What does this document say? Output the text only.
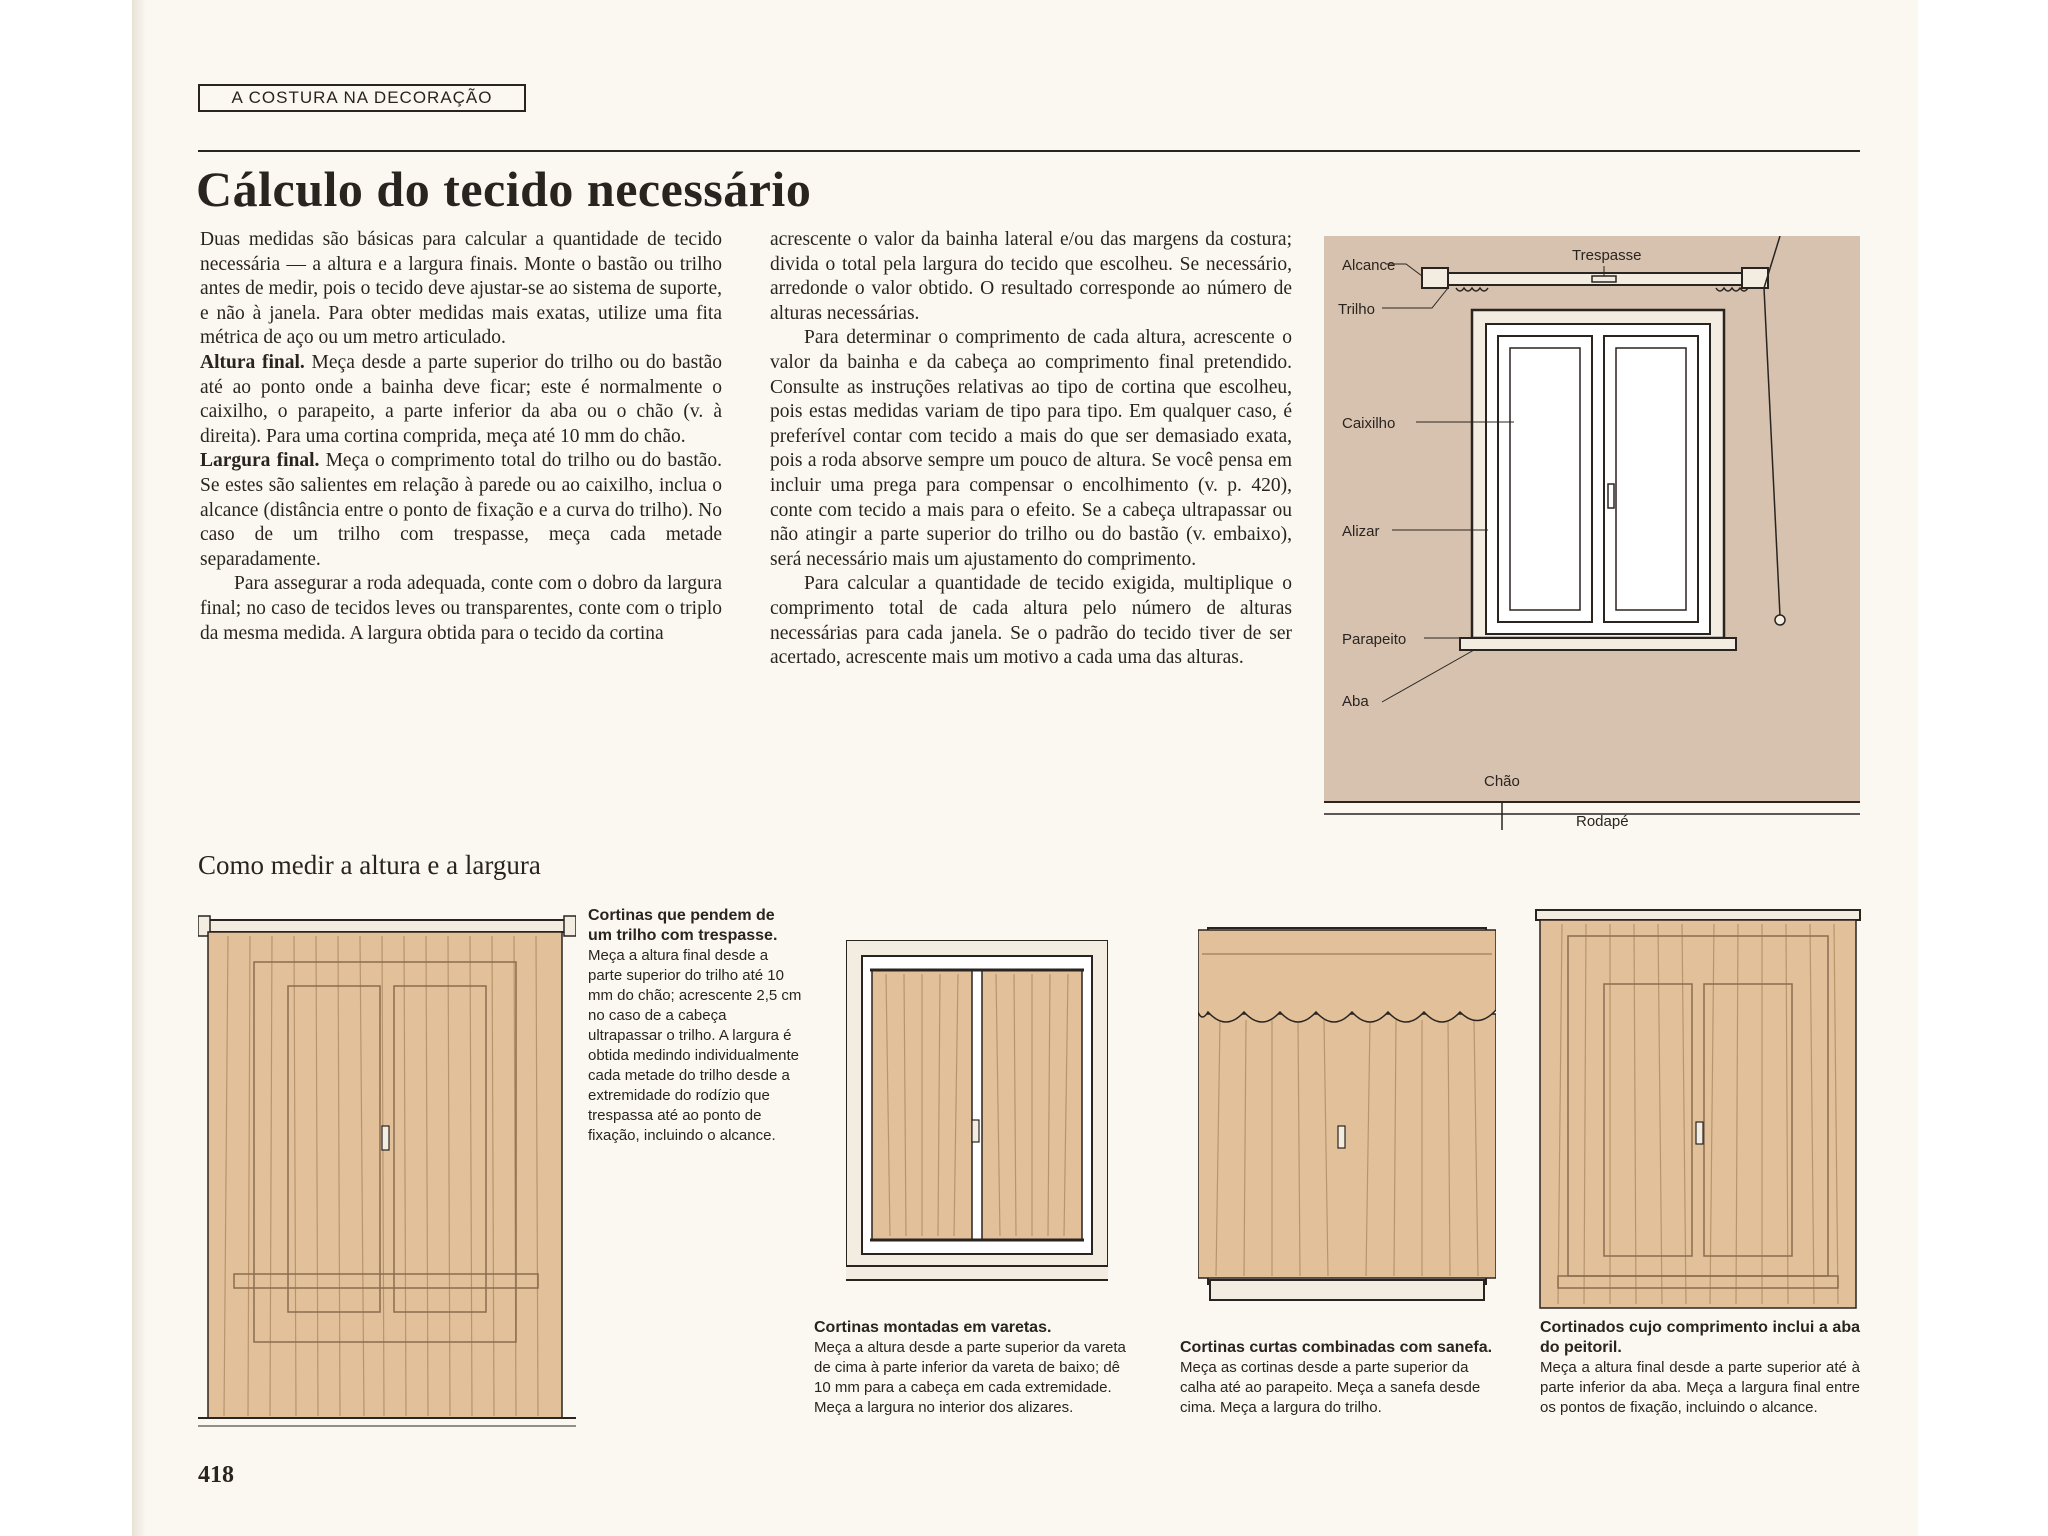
A COSTURA NA DECORAÇÃO
Cálculo do tecido necessário

Duas medidas são básicas para calcular a quantidade de tecido necessária — a altura e a largura finais. Monte o bastão ou trilho antes de medir, pois o tecido deve ajustar-se ao sistema de suporte, e não à janela. Para obter medidas mais exatas, utilize uma fita métrica de aço ou um metro articulado.

Altura final. Meça desde a parte superior do trilho ou do bastão até ao ponto onde a bainha deve ficar; este é normalmente o caixilho, o parapeito, a parte inferior da aba ou o chão (v. à direita). Para uma cortina comprida, meça até 10 mm do chão.

Largura final. Meça o comprimento total do trilho ou do bastão. Se estes são salientes em relação à parede ou ao caixilho, inclua o alcance (distância entre o ponto de fixação e a curva do trilho). No caso de um trilho com trespasse, meça cada metade separadamente.

Para assegurar a roda adequada, conte com o dobro da largura final; no caso de tecidos leves ou transparentes, conte com o triplo da mesma medida. A largura obtida para o tecido da cortina

acrescente o valor da bainha lateral e/ou das margens da costura; divida o total pela largura do tecido que escolheu. Se necessário, arredonde o valor obtido. O resultado corresponde ao número de alturas necessárias.

Para determinar o comprimento de cada altura, acrescente o valor da bainha e da cabeça ao comprimento final pretendido. Consulte as instruções relativas ao tipo de cortina que escolheu, pois estas medidas variam de tipo para tipo. Em qualquer caso, é preferível contar com tecido a mais do que ser demasiado exata, pois a roda absorve sempre um pouco de altura. Se você pensa em incluir uma prega para compensar o encolhimento (v. p. 420), conte com tecido a mais para o efeito. Se a cabeça ultrapassar ou não atingir a parte superior do trilho ou do bastão (v. embaixo), será necessário mais um ajustamento do comprimento.

Para calcular a quantidade de tecido exigida, multiplique o comprimento total de cada altura pelo número de alturas necessárias para cada janela. Se o padrão do tecido tiver de ser acertado, acrescente mais um motivo a cada uma das alturas.

Alcance
Trespasse
Trilho
Caixilho
Alizar
Parapeito
Aba
Chão
Rodapé
Como medir a altura e a largura
Cortinas que pendem de um trilho com trespasse.
Meça a altura final desde a parte superior do trilho até 10 mm do chão; acrescente 2,5 cm no caso de a cabeça ultrapassar o trilho. A largura é obtida medindo individualmente cada metade do trilho desde a extremidade do rodízio que trespassa até ao ponto de fixação, incluindo o alcance.
Cortinas montadas em varetas.
Meça a altura desde a parte superior da vareta de cima à parte inferior da vareta de baixo; dê 10 mm para a cabeça em cada extremidade. Meça a largura no interior dos alizares.
Cortinas curtas combinadas com sanefa.
Meça as cortinas desde a parte superior da calha até ao parapeito. Meça a sanefa desde cima. Meça a largura do trilho.
Cortinados cujo comprimento inclui a aba do peitoril.
Meça a altura final desde a parte superior até à parte inferior da aba. Meça a largura final entre os pontos de fixação, incluindo o alcance.
418
